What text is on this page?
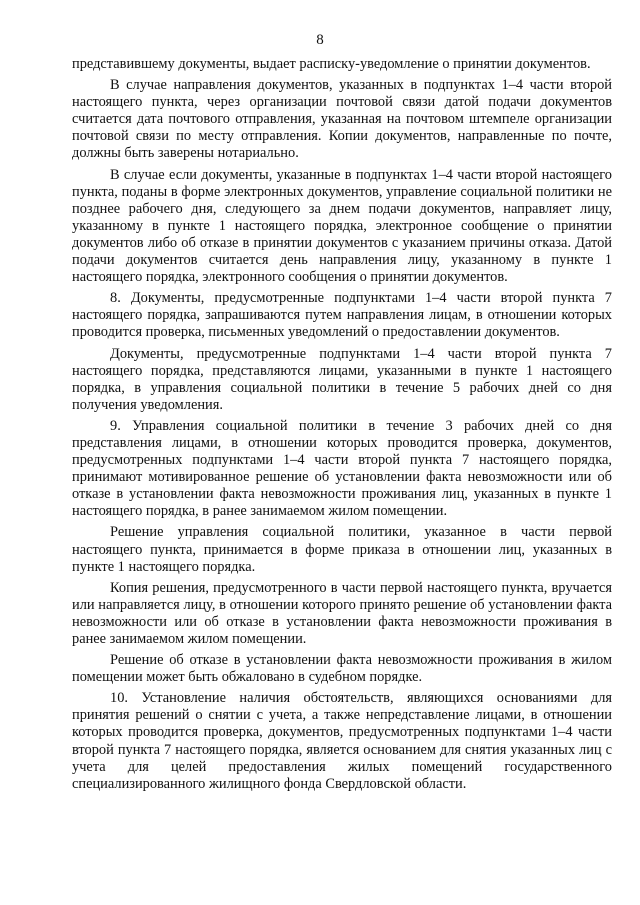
8

представившему документы, выдает расписку-уведомление о принятии документов.

В случае направления документов, указанных в подпунктах 1–4 части второй настоящего пункта, через организации почтовой связи датой подачи документов считается дата почтового отправления, указанная на почтовом штемпеле организации почтовой связи по месту отправления. Копии документов, направленные по почте, должны быть заверены нотариально.

В случае если документы, указанные в подпунктах 1–4 части второй настоящего пункта, поданы в форме электронных документов, управление социальной политики не позднее рабочего дня, следующего за днем подачи документов, направляет лицу, указанному в пункте 1 настоящего порядка, электронное сообщение о принятии документов либо об отказе в принятии документов с указанием причины отказа. Датой подачи документов считается день направления лицу, указанному в пункте 1 настоящего порядка, электронного сообщения о принятии документов.

8. Документы, предусмотренные подпунктами 1–4 части второй пункта 7 настоящего порядка, запрашиваются путем направления лицам, в отношении которых проводится проверка, письменных уведомлений о предоставлении документов.

Документы, предусмотренные подпунктами 1–4 части второй пункта 7 настоящего порядка, представляются лицами, указанными в пункте 1 настоящего порядка, в управления социальной политики в течение 5 рабочих дней со дня получения уведомления.

9. Управления социальной политики в течение 3 рабочих дней со дня представления лицами, в отношении которых проводится проверка, документов, предусмотренных подпунктами 1–4 части второй пункта 7 настоящего порядка, принимают мотивированное решение об установлении факта невозможности или об отказе в установлении факта невозможности проживания лиц, указанных в пункте 1 настоящего порядка, в ранее занимаемом жилом помещении.

Решение управления социальной политики, указанное в части первой настоящего пункта, принимается в форме приказа в отношении лиц, указанных в пункте 1 настоящего порядка.

Копия решения, предусмотренного в части первой настоящего пункта, вручается или направляется лицу, в отношении которого принято решение об установлении факта невозможности или об отказе в установлении факта невозможности проживания в ранее занимаемом жилом помещении.

Решение об отказе в установлении факта невозможности проживания в жилом помещении может быть обжаловано в судебном порядке.

10. Установление наличия обстоятельств, являющихся основаниями для принятия решений о снятии с учета, а также непредставление лицами, в отношении которых проводится проверка, документов, предусмотренных подпунктами 1–4 части второй пункта 7 настоящего порядка, является основанием для снятия указанных лиц с учета для целей предоставления жилых помещений государственного специализированного жилищного фонда Свердловской области.
